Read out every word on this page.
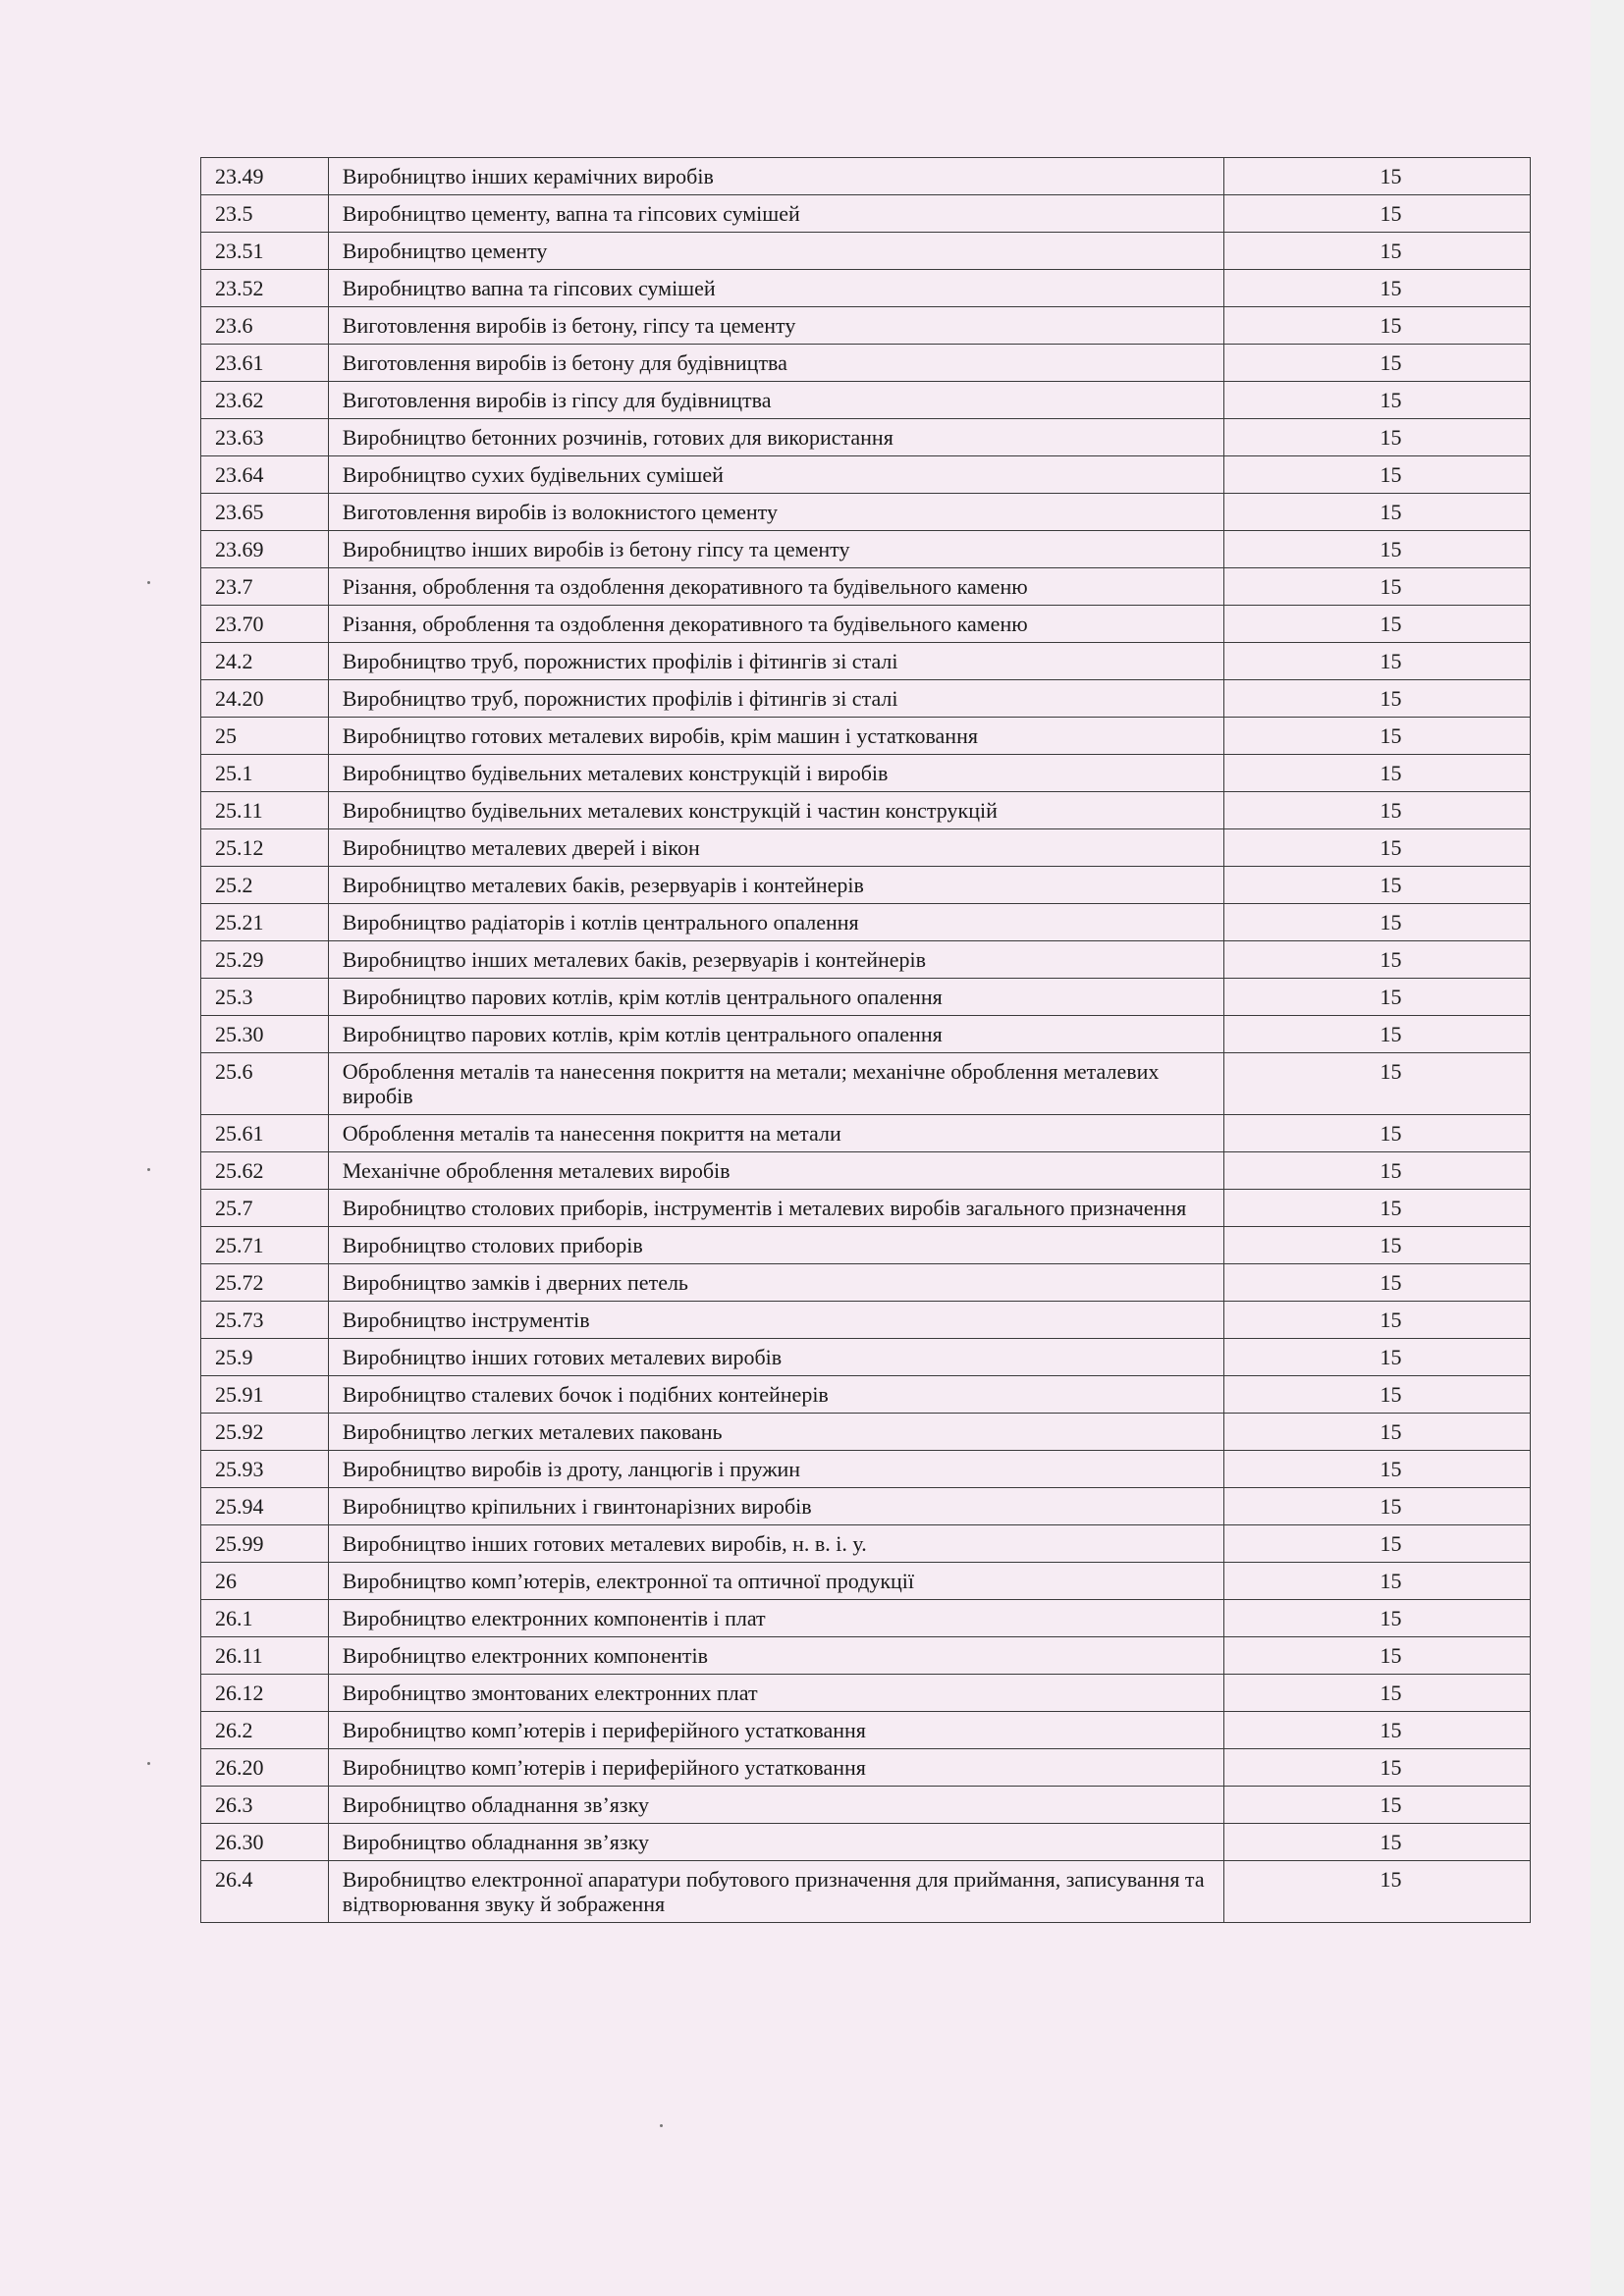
23.49	Виробництво інших керамічних виробів	15
23.5	Виробництво цементу, вапна та гіпсових сумішей	15
23.51	Виробництво цементу	15
23.52	Виробництво вапна та гіпсових сумішей	15
23.6	Виготовлення виробів із бетону, гіпсу та цементу	15
23.61	Виготовлення виробів із бетону для будівництва	15
23.62	Виготовлення виробів із гіпсу для будівництва	15
23.63	Виробництво бетонних розчинів, готових для використання	15
23.64	Виробництво сухих будівельних сумішей	15
23.65	Виготовлення виробів із волокнистого цементу	15
23.69	Виробництво інших виробів із бетону гіпсу та цементу	15
23.7	Різання, оброблення та оздоблення декоративного та будівельного каменю	15
23.70	Різання, оброблення та оздоблення декоративного та будівельного каменю	15
24.2	Виробництво труб, порожнистих профілів і фітингів зі сталі	15
24.20	Виробництво труб, порожнистих профілів і фітингів зі сталі	15
25	Виробництво готових металевих виробів, крім машин і устатковання	15
25.1	Виробництво будівельних металевих конструкцій і виробів	15
25.11	Виробництво будівельних металевих конструкцій і частин конструкцій	15
25.12	Виробництво металевих дверей і вікон	15
25.2	Виробництво металевих баків, резервуарів і контейнерів	15
25.21	Виробництво радіаторів і котлів центрального опалення	15
25.29	Виробництво інших металевих баків, резервуарів і контейнерів	15
25.3	Виробництво парових котлів, крім котлів центрального опалення	15
25.30	Виробництво парових котлів, крім котлів центрального опалення	15
25.6	Оброблення металів та нанесення покриття на метали; механічне оброблення металевих виробів	15
25.61	Оброблення металів та нанесення покриття на метали	15
25.62	Механічне оброблення металевих виробів	15
25.7	Виробництво столових приборів, інструментів і металевих виробів загального призначення	15
25.71	Виробництво столових приборів	15
25.72	Виробництво замків і дверних петель	15
25.73	Виробництво інструментів	15
25.9	Виробництво інших готових металевих виробів	15
25.91	Виробництво сталевих бочок і подібних контейнерів	15
25.92	Виробництво легких металевих паковань	15
25.93	Виробництво виробів із дроту, ланцюгів і пружин	15
25.94	Виробництво кріпильних і гвинтонарізних виробів	15
25.99	Виробництво інших готових металевих виробів, н. в. і. у.	15
26	Виробництво комп’ютерів, електронної та оптичної продукції	15
26.1	Виробництво електронних компонентів і плат	15
26.11	Виробництво електронних компонентів	15
26.12	Виробництво змонтованих електронних плат	15
26.2	Виробництво комп’ютерів і периферійного устатковання	15
26.20	Виробництво комп’ютерів і периферійного устатковання	15
26.3	Виробництво обладнання зв’язку	15
26.30	Виробництво обладнання зв’язку	15
26.4	Виробництво електронної апаратури побутового призначення для приймання, записування та відтворювання звуку й зображення	15
